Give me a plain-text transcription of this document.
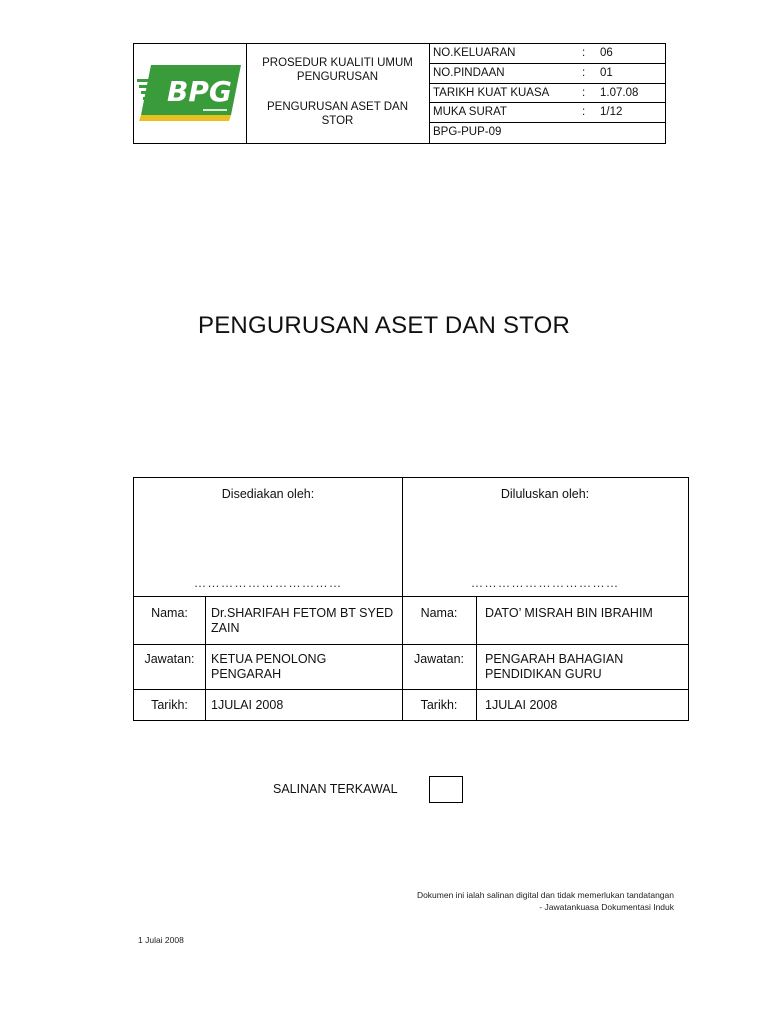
BPG
PROSEDUR KUALITI UMUM PENGURUSAN
PENGURUSAN ASET DAN STOR
NO.KELUARAN	: 06
NO.PINDAAN	: 01
TARIKH KUAT KUASA	: 1.07.08
MUKA SURAT	: 1/12
BPG-PUP-09
PENGURUSAN ASET DAN STOR
Disediakan oleh:
……………………………
Nama:	Dr.SHARIFAH FETOM BT SYED ZAIN
Jawatan:	KETUA PENOLONG PENGARAH
Tarikh:	1JULAI 2008
Diluluskan oleh:
……………………………
Nama:	DATO’ MISRAH BIN IBRAHIM
Jawatan:	PENGARAH BAHAGIAN PENDIDIKAN GURU
Tarikh:	1JULAI 2008
SALINAN TERKAWAL
Dokumen ini ialah salinan digital dan tidak memerlukan tandatangan
- Jawatankuasa Dokumentasi Induk
1 Julai 2008
